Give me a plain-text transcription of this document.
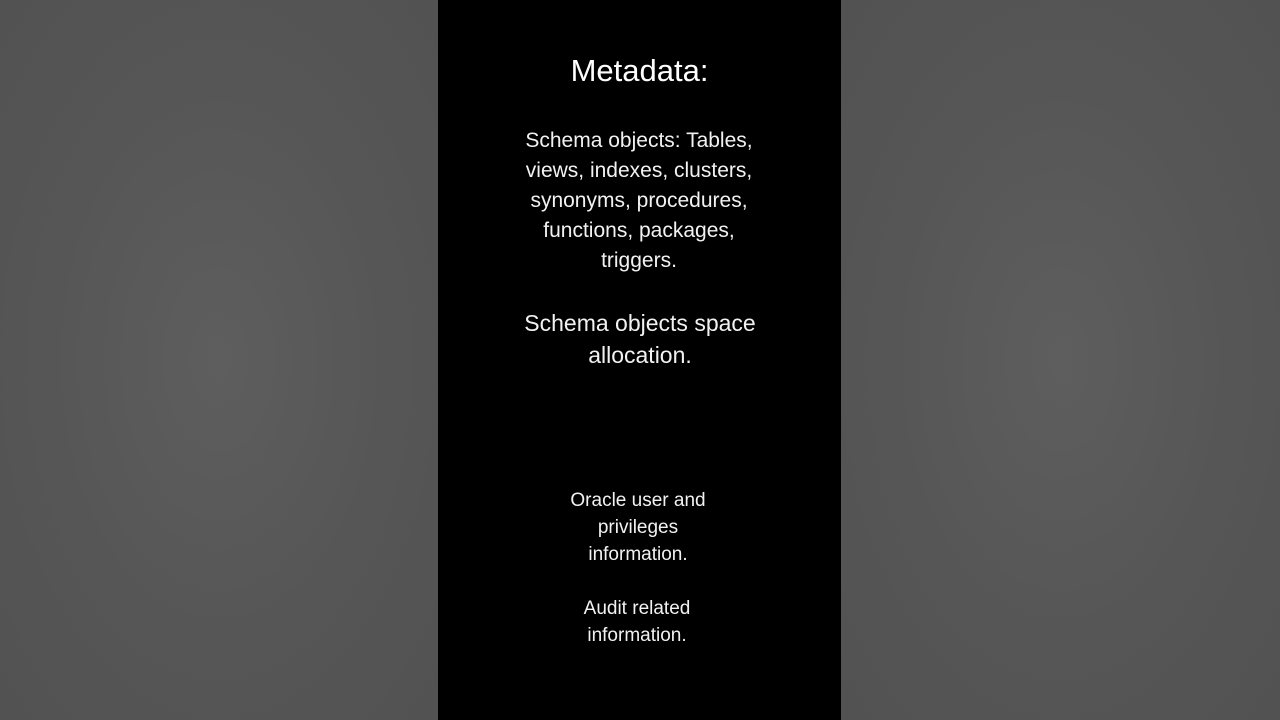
Metadata:
Schema objects: Tables, views, indexes, clusters, synonyms, procedures, functions, packages, triggers.
Schema objects space allocation.
Oracle user and privileges information.
Audit related information.
